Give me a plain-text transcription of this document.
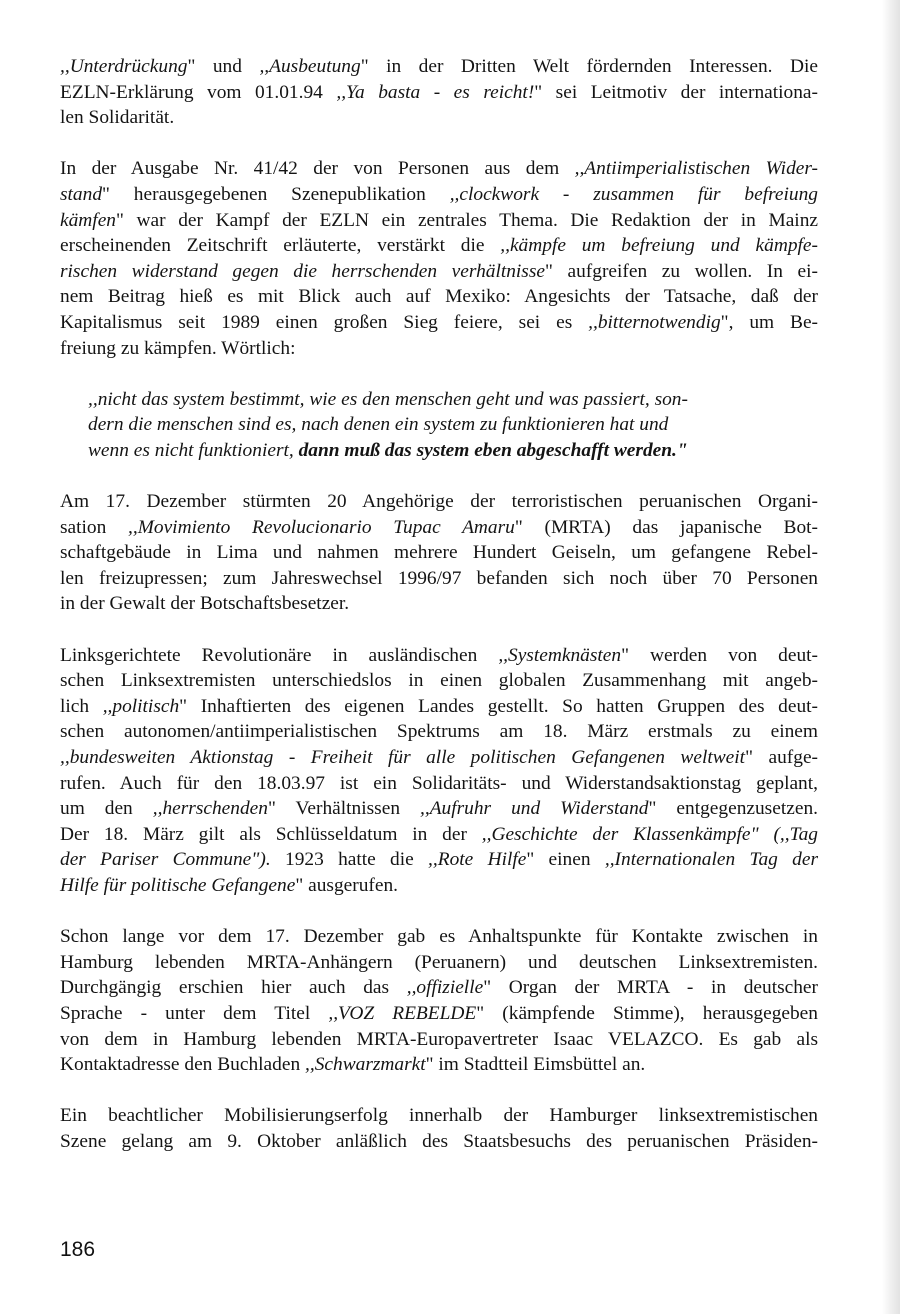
,,Unterdrückung" und ,,Ausbeutung" in der Dritten Welt fördernden Interessen. Die
EZLN-Erklärung vom 01.01.94 ,,Ya basta - es reicht!" sei Leitmotiv der internationa-
len Solidarität.
In der Ausgabe Nr. 41/42 der von Personen aus dem ,,Antiimperialistischen Wider-
stand" herausgegebenen Szenepublikation ,,clockwork - zusammen für befreiung
kämfen" war der Kampf der EZLN ein zentrales Thema. Die Redaktion der in Mainz
erscheinenden Zeitschrift erläuterte, verstärkt die ,,kämpfe um befreiung und kämpfe-
rischen widerstand gegen die herrschenden verhältnisse" aufgreifen zu wollen. In ei-
nem Beitrag hieß es mit Blick auch auf Mexiko: Angesichts der Tatsache, daß der
Kapitalismus seit 1989 einen großen Sieg feiere, sei es ,,bitternotwendig", um Be-
freiung zu kämpfen. Wörtlich:
,,nicht das system bestimmt, wie es den menschen geht und was passiert, son-
dern die menschen sind es, nach denen ein system zu funktionieren hat und
wenn es nicht funktioniert, dann muß das system eben abgeschafft werden."
Am 17. Dezember stürmten 20 Angehörige der terroristischen peruanischen Organi-
sation ,,Movimiento Revolucionario Tupac Amaru" (MRTA) das japanische Bot-
schaftgebäude in Lima und nahmen mehrere Hundert Geiseln, um gefangene Rebel-
len freizupressen; zum Jahreswechsel 1996/97 befanden sich noch über 70 Personen
in der Gewalt der Botschaftsbesetzer.
Linksgerichtete Revolutionäre in ausländischen ,,Systemknästen" werden von deut-
schen Linksextremisten unterschiedslos in einen globalen Zusammenhang mit angeb-
lich ,,politisch" Inhaftierten des eigenen Landes gestellt. So hatten Gruppen des deut-
schen autonomen/antiimperialistischen Spektrums am 18. März erstmals zu einem
,,bundesweiten Aktionstag - Freiheit für alle politischen Gefangenen weltweit" aufge-
rufen. Auch für den 18.03.97 ist ein Solidaritäts- und Widerstandsaktionstag geplant,
um den ,,herrschenden" Verhältnissen ,,Aufruhr und Widerstand" entgegenzusetzen.
Der 18. März gilt als Schlüsseldatum in der ,,Geschichte der Klassenkämpfe" (,,Tag
der Pariser Commune"). 1923 hatte die ,,Rote Hilfe" einen ,,Internationalen Tag der
Hilfe für politische Gefangene" ausgerufen.
Schon lange vor dem 17. Dezember gab es Anhaltspunkte für Kontakte zwischen in
Hamburg lebenden MRTA-Anhängern (Peruanern) und deutschen Linksextremisten.
Durchgängig erschien hier auch das ,,offizielle" Organ der MRTA - in deutscher
Sprache - unter dem Titel ,,VOZ REBELDE" (kämpfende Stimme), herausgegeben
von dem in Hamburg lebenden MRTA-Europavertreter Isaac VELAZCO. Es gab als
Kontaktadresse den Buchladen ,,Schwarzmarkt" im Stadtteil Eimsbüttel an.
Ein beachtlicher Mobilisierungserfolg innerhalb der Hamburger linksextremistischen
Szene gelang am 9. Oktober anläßlich des Staatsbesuchs des peruanischen Präsiden-
186
